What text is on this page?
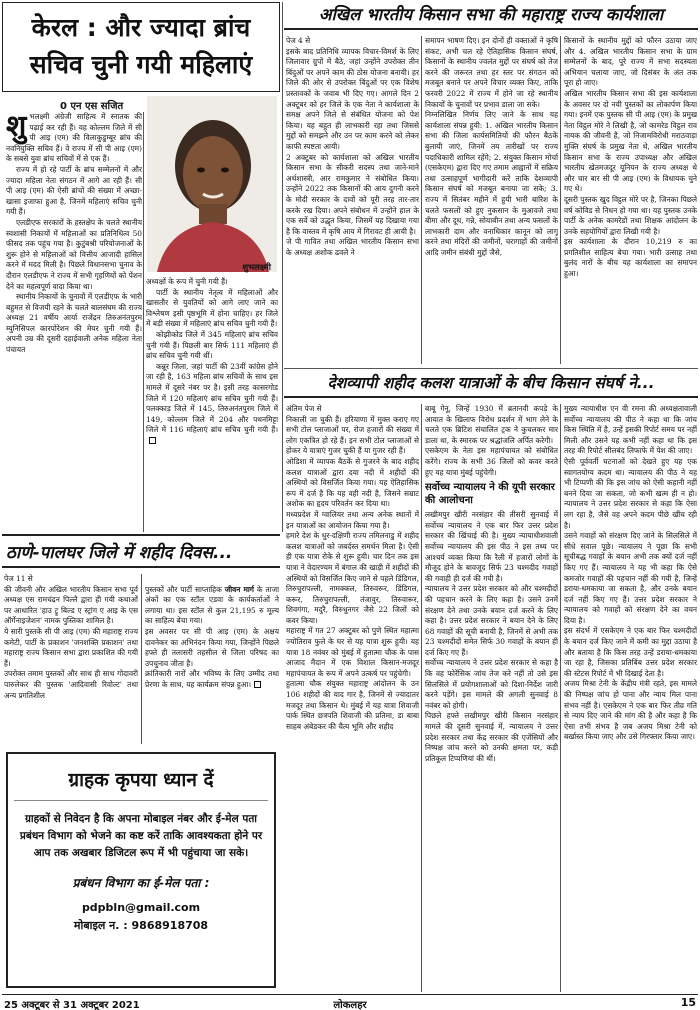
केरल : और ज्यादा ब्रांच सचिव चुनी गयी महिलाएं
0 एन एस सजित
शुभलक्ष्मी अंग्रेजी साहित्य में स्नातक की पढ़ाई कर रही हैं। वह कोल्लम जिले में सी पी आइ (एम) की विलाकुडुम्बूर ब्रांच की नवनियुक्ति सचिव हैं। वे राज्य में सी पी आइ (एम) के सबसे युवा ब्रांच सचिवों में से एक हैं।
राज्य में हो रहे पार्टी के ब्रांच सम्मेलनों में और ज्यादा महिला नेता संगठन में आगे आ रही हैं। सी पी आइ (एम) की ऐसी ब्रांचों की संख्या में अच्छा-खासा इजाफा हुआ है, जिनमें महिलाएं सचिव चुनी गयी हैं।
एलडीएफ सरकारों के हस्तक्षेप के चलते स्थानीय स्वशासी निकायों में महिलाओं का प्रतिनिधित्व 50 फीसद तक पहुंच गया है। कुटुंबश्री परियोजनाओं के शुरू होने से महिलाओं को वित्तीय आजादी हासिल करने में मदद मिली है। पिछले विधानसभा चुनाव के दौरान एलडीएफ ने राज्य में सभी गृहणियों को पेंशन देने का महत्वपूर्ण वादा किया था।
स्थानीय निकायों के चुनावों में एलडीएफ के भारी बहुमत से विजयी रहने के चलते बालसंघम की राज्य अध्यक्ष 21 वर्षीय आर्या राजेंद्रन तिरुअनंतपुरम म्युनिसिपल कारपोरेशन की मेयर चुनी गयी हैं। अपनी उम्र की दूसरी दहाईवाली अनेक महिला नेता पंचायत
शुभलक्ष्मी
अध्यक्षों के रूप में चुनी गयी हैं।
पार्टी के स्थानीय नेतृत्व में महिलाओं और खासतौर से युवतियों को आगे लाए जाने का विश्लेषण इसी पृष्ठभूमि में होना चाहिए। हर जिले में बड़ी संख्या में महिलाएं ब्रांच सचिव चुनी गयी हैं।
कोझीकोड जिले में 345 महिलाएं ब्रांच सचिव चुनी गयी हैं। पिछली बार सिर्फ 111 महिलाएं ही ब्रांच सचिव चुनी गयी थीं।
कन्नूर जिला, जहां पार्टी की 23वीं कांग्रेस होने जा रही है, 163 महिला ब्रांच सचिवों के साथ इस मामले में दूसरे नंबर पर है। इसी तरह कासरगोड जिले में 120 महिलाएं ब्रांच सचिव चुनी गयी हैं। पलक्काड़ जिले में 145, तिरुअनंतपुरम जिले में 149, कोल्लम जिले में 204 और पथनमिट्टा जिले में 116 महिलाएं ब्रांच सचिव चुनी गयी हैं।
अखिल भारतीय किसान सभा की महाराष्ट्र राज्य कार्यशाला
पेज 4 से
इसके बाद प्रतिनिधि व्यापक विचार-विमर्श के लिए जिलावार ग्रुपों में बैठे, जहां उन्होंने उपरोक्त तीन बिंदुओं पर अपने काम की ठोस योजना बनायी। हर जिले की ओर से उपरोक्त बिंदुओं पर एक विशेष प्रस्तावकों के जवाब भी दिए गए। आगले दिन 2 अक्टूबर को हर जिले के एक नेता ने कार्यशाला के समक्ष अपने जिले से संबंधित योजना को पेश किया। यह बहुत ही लाभकारी रहा तथा जिससे मुद्दों को समझने और उन पर काम करने को लेकर काफी स्पष्टता आयी।
2 अक्टूबर को कार्यशाला को अखिल भारतीय किसान सभा के सीकरी सदस्य तथा जाने-माने अर्थशास्त्री, आर रामकुमार ने संबोधित किया। उन्होंने 2022 तक किसानों की आय दुगनी करने के मोदी सरकार के दावों को पूरी तरह तार-तार करके रख दिया। अपने संबोधन में उन्होंने हाल के एक सर्वे को उद्धृत किया, जिसमें यह दिखाया गया है कि वास्तव में कृषि आय में गिरावट ही आयी है।
जे पी गावित तथा अखिल भारतीय किसान सभा के अध्यक्ष अशोक ढवले ने
समापन भाषण दिए। इन दोनों ही वक्ताओं ने कृषि संकट, अभी चल रहे ऐतिहासिक किसान संघर्ष, किसानों के स्थानीय ज्वलंत मुद्दों पर संघर्ष को तेज करने की जरूरत तथा हर स्तर पर संगठन को मजबूत बनाने पर अपने विचार व्यक्त किए, ताकि फरवरी 2022 में राज्य में होने जा रहे स्थानीय निकायों के चुनावों पर प्रभाव डाला जा सके।
निम्नलिखित निर्णय लिए जाने के साथ यह कार्यशाला संपन्न हुयी: 1. अखिल भारतीय किसान सभा की जिला कार्यसमितियों की फौरन बैठकें बुलायी जाएं, जिनमें तय तारीखों पर राज्य पदाधिकारी शामिल रहेंगे; 2. संयुक्त किसान मोर्चा (एसकेएम) द्वारा दिए गए तमाम आह्वानों में सक्रिय तथा उत्साहपूर्ण भागीदारी करें ताकि देशव्यापी किसान संघर्ष को मजबूत बनाया जा सके; 3. राज्य में सितंबर महीने में हुयी भारी बारिश के चलते फसलों को हुए नुकसान के मुआवजे तथा बीमा और दूध, गन्ने, सोयाबीन तथा अन्य फसलों के लाभकारी दाम और वनाधिकार कानून को लागू करने तथा मंदिरों की जमीनों, चरागाहों की जमीनों आदि जमीन संबंधी मुद्दों जैसे,
किसानों के स्थानीय मुद्दों को फौरन उठाया जाए और 4. अखिल भारतीय किसान सभा के ग्राम सम्मेलनों के बाद, पूरे राज्य में सभा सदस्यता अभियान चलाया जाए, जो दिसंबर के अंत तक पूरा हो जाए।
अखिल भारतीय किसान सभा की इस कार्यशाला के अवसर पर दो नयी पुस्तकों का लोकार्पण किया गया। इनमें एक पुस्तक सी पी आइ (एम) के प्रमुख नेता विट्ठल मोरे ने लिखी है, जो कामरेड विट्ठल राव नायक की जीवनी है, जो निजामविरोधी मराठवाड़ा मुक्ति संघर्ष के प्रमुख नेता थे, अखिल भारतीय किसान सभा के राज्य उपाध्यक्ष और अखिल भारतीय खेतमजदूर यूनियन के राज्य अध्यक्ष थे और चार बार सी पी आइ (एम) के विधायक चुने गए थे।
दूसरी पुस्तक खुद विट्ठल मोरे पर है, जिनका पिछले वर्ष कोविड से निधन हो गया था। यह पुस्तक उनके पार्टी के अनेक कामरेडों तथा शिक्षक आंदोलन के उनके सहयोगियों द्वारा लिखी गयी है।
इस कार्यशाला के दौरान 10,219 रु का प्रगतिशील साहित्य बेचा गया। भारी उत्साह तथा बुलंद नारों के बीच यह कार्यशाला का समापन हुआ।
देशव्यापी शहीद कलश यात्राओं के बीच किसान संघर्ष ने...
अंतिम पेज से
निकाली जा चुकी हैं। हरियाणा में मुक्त कराए गए सभी टोल प्लाजाओं पर, रोज हजारों की संख्या में लोग एकत्रित हो रहे हैं। इन सभी टोल प्लाजाओं से होकर ये यात्राएं गुजर चुकी हैं या गुजर रही हैं।
ओडिशा में व्यापक बैठकें से गुजरने के बाद शहीद कलश यात्राओं द्वारा दया नदी में शहीदों की अस्थियों को विसर्जित किया गया। यह ऐतिहासिक रूप में दर्ज है कि यह वही नदी है, जिसने सम्राट अशोक का हृदय परिवर्तन कर दिया था।
मध्यप्रदेश में ग्वालियर तथा अन्य अनेक स्थानों में इन यात्राओं का आयोजन किया गया है।
हमारे देश के धुर-दक्षिणी राज्य तमिलनाडु में शहीद कलश यात्राओं को जबर्दस्त समर्थन मिला है। ऐसी ही एक यात्रा रोके से शुरू हुयी। चार दिन तक इस यात्रा ने वेदारण्यम में बंगाल की खाड़ी में शहीदों की अस्थियों को विसर्जित किए जाने से पहले डिंडिगल, तिरुचुरापल्ली, नामक्कल, तिरुवरूर, डिंडिगल, करूर, तिरुचुरापल्ली, तंजावुर, तिरुवारूर, शिवगंगा, मदुरै, विरुधुनगर जैसे 22 जिलों को कवर किया।
महाराष्ट्र में गत 27 अक्टूबर को पुणे स्थित महात्मा ज्योतिराव फुले के घर से यह यात्रा शुरू हुयी। यह यात्रा 18 नवंबर को मुंबई में हुतात्मा चौक के पास आजाद मैदान में एक विशाल किसान-मजदूर महापंचायत के रूप में अपने उत्कर्ष पर पहुंचेगी।
हुतात्मा चौक संयुक्त महाराष्ट्र आंदोलन के उन 106 शहीदों की याद गार है, जिनमें से ज्यादातर मजदूर तथा किसान थे। मुंबई में यह यात्रा शिवाजी पार्क स्थित छत्रपति शिवाजी की प्रतिमा, डा बाबा साहब अंबेडकर की चैत्य भूमि और शहीद
बाबू गेनू, जिन्हें 1930 में ब्रतानवी कपड़े के आयात के खिलाफ विरोध प्रदर्शन में भाग लेने के चलते एक ब्रिटिश संचालित ट्रक ने कुचलकर मार डाला था, के स्मारक पर श्रद्धांजलि अर्पित करेगी।
एसकेएम के नेता इस महापंचायत को संबोधित करेंगे। राज्य के सभी 36 जिलों को कवर करते हुए यह यात्रा मुंबई पहुंचेगी।
सर्वोच्च न्यायालय ने की यूपी सरकार की आलोचना
लखीमपुर खीरी नरसंहार की तीसरी सुनवाई में सर्वोच्च न्यायालय ने एक बार फिर उत्तर प्रदेश सरकार की खिंचाई की है। मुख्य न्यायाधीशवाली सर्वोच्च न्यायालय की इस पीठ ने इस तथ्य पर आश्चर्य व्यक्त किया कि रैली में हजारों लोगों के मौजूद होने के बावजूद सिर्फ 23 चश्मदीद गवाहों की गवाही ही दर्ज की गयी है।
न्यायालय ने उत्तर प्रदेश सरकार को और चश्मदीदों की पहचान करने के लिए कहा है। उसने उनमें संरक्षण देने तथा उनके बयान दर्ज करने के लिए कहा है। उत्तर प्रदेश सरकार ने बयान देने के लिए 68 गवाहों की सूची बनायी है, जिनमें से अभी तक 23 चश्मदीदों समेत सिर्फ 30 गवाहों के बयान ही दर्ज किए गए हैं।
सर्वोच्च न्यायालय ने उत्तर प्रदेश सरकार से कहा है कि वह फोरेंसिक जांच तेज करे नहीं तो उसे इस सिलसिले में प्रयोगशालाओं को दिशा-निर्देश जारी करने पड़ेंगे। इस मामले की अगली सुनवाई 8 नवंबर को होगी।
पिछले हफ्ते लखीमपुर खीरी किसान नरसंहार मामले की दूसरी सुनवाई में, न्यायालय ने उत्तर प्रदेश सरकार तथा केंद्र सरकार की एजेंसियों और निष्पक्ष जांच करने को उनकी क्षमता पर, कड़ी प्रतिकूल टिप्पणियां की थीं।
मुख्य न्यायाधीश एन वी रमना की अध्यक्षतावाली सर्वोच्च न्यायालय की पीठ ने कहा था कि जांच किस स्थिति में है, उन्हें इसकी रिपोर्ट समय पर नहीं मिली और उसने यह कभी नहीं कहा था कि इस तरह की रिपोर्ट सीलबंद लिफाफे में पेश की जाए।
ऐसी पूर्ववर्ती घटनाओं को देखते हुए यह एक स्वागतयोग्य कदम था। न्यायालय की पीठ ने यह भी टिप्पणी की कि इस जांच को ऐसी कहानी नहीं बनने दिया जा सकता, जो कभी खत्म ही न हो। न्यायालय ने उत्तर प्रदेश सरकार से कहा कि ऐसा लग रहा है, जैसे वह अपने कदम पीछे खींच रही है।
उसने गवाहों को संरक्षण दिए जाने के सिलसिले में सीधे सवाल पूछे। न्यायालय ने पूछा कि सभी सूचीबद्ध गवाहों के बयान अभी तक क्यों दर्ज नहीं किए गए हैं। न्यायालय ने यह भी कहा कि ऐसे कमजोर गवाहों की पहचान नहीं की गयी है, जिन्हें डराया-धमकाया जा सकता है, और उनके बयान दर्ज नहीं किए गए हैं। उत्तर प्रदेश सरकार ने न्यायालय को गवाहों को संरक्षण देने का वचन दिया है।
इस संदर्भ में एसकेएम ने एक बार फिर चश्मदीदों के बयान दर्ज किए जाने में कमी का मुद्दा उठाया है और बताया है कि किस तरह उन्हें डराया-धमकाया जा रहा है, जिसका प्रतिबिंब उत्तर प्रदेश सरकार की स्टेटस रिपोर्ट में भी दिखाई देता है।
अजय मिश्रा टेनी के केंद्रीय मंत्री रहते, इस मामले की निष्पक्ष जांच हो पाना और न्याय मिल पाना संभव नहीं है। एसकेएम ने एक बार फिर तीव्र गति से न्याय दिए जाने की मांग की है और कहा है कि ऐसा तभी संभव है जब अजय मिश्रा टेनी को बर्खास्त किया जाए और उसे गिरफ्तार किया जाए।
ठाणे-पालघर जिले में शहीद दिवस...
पेज 11 से
की जीवनी और अखिल भारतीय किसान सभा पूर्व अध्यक्ष एस रामचंद्रन पिल्लै द्वारा ही गयी कथाओं पर आधारित 'हाउ ट्रू बिल्ड ए स्ट्रांग ए आइ के एस ऑर्गेनाइजेशन' नामक पुस्तिका शामिल है।
ये सारी पुस्तकें सी पी आइ (एम) की महाराष्ट्र राज्य कमेटी, पार्टी के प्रकाशन 'जनशक्ति प्रकाशन' तथा महाराष्ट्र राज्य किसान सभा द्वारा प्रकाशित की गयी हैं।
उपरोक्त तमाम पुस्तकों और साथ ही साथ गोदावरी पारुलेकर की पुस्तक 'आदिवासी रिवोल्ट' तथा अन्य प्रगतिशील

पुस्तकों और पार्टी साप्ताहिक जीवन मार्ग के ताजा अंकों का एक स्टॉल एडवा के कार्यकर्ताओं ने लगाया था। इस स्टॉल से कुल 21,195 रु मूल्य का साहित्य बेचा गया।
इस अवसर पर सी पी आइ (एम) के अक्षय दावनेकर का अभिनंदन किया गया, जिन्होंने पिछले हफ्ते ही तलासरी तहसील से जिला परिषद का उपचुनाव जीता है।
क्रांतिकारी नारों और भविष्य के लिए उम्मीद तथा प्रेरणा के साथ, यह कार्यक्रम संपन्न हुआ।

ग्राहक कृपया ध्यान दें
ग्राहकों से निवेदन है कि अपना मोबाइल नंबर और ई-मेल पता प्रबंधन विभाग को भेजने का कष्ट करें ताकि आवश्यकता होने पर आप तक अखबार डिजिटल रूप में भी पहुंचाया जा सके।
प्रबंधन विभाग का ई-मेल पता :
pdpbln@gmail.com
मोबाइल न. : 9868918708
25 अक्टूबर से 31 अक्टूबर 2021	लोकलहर	15
